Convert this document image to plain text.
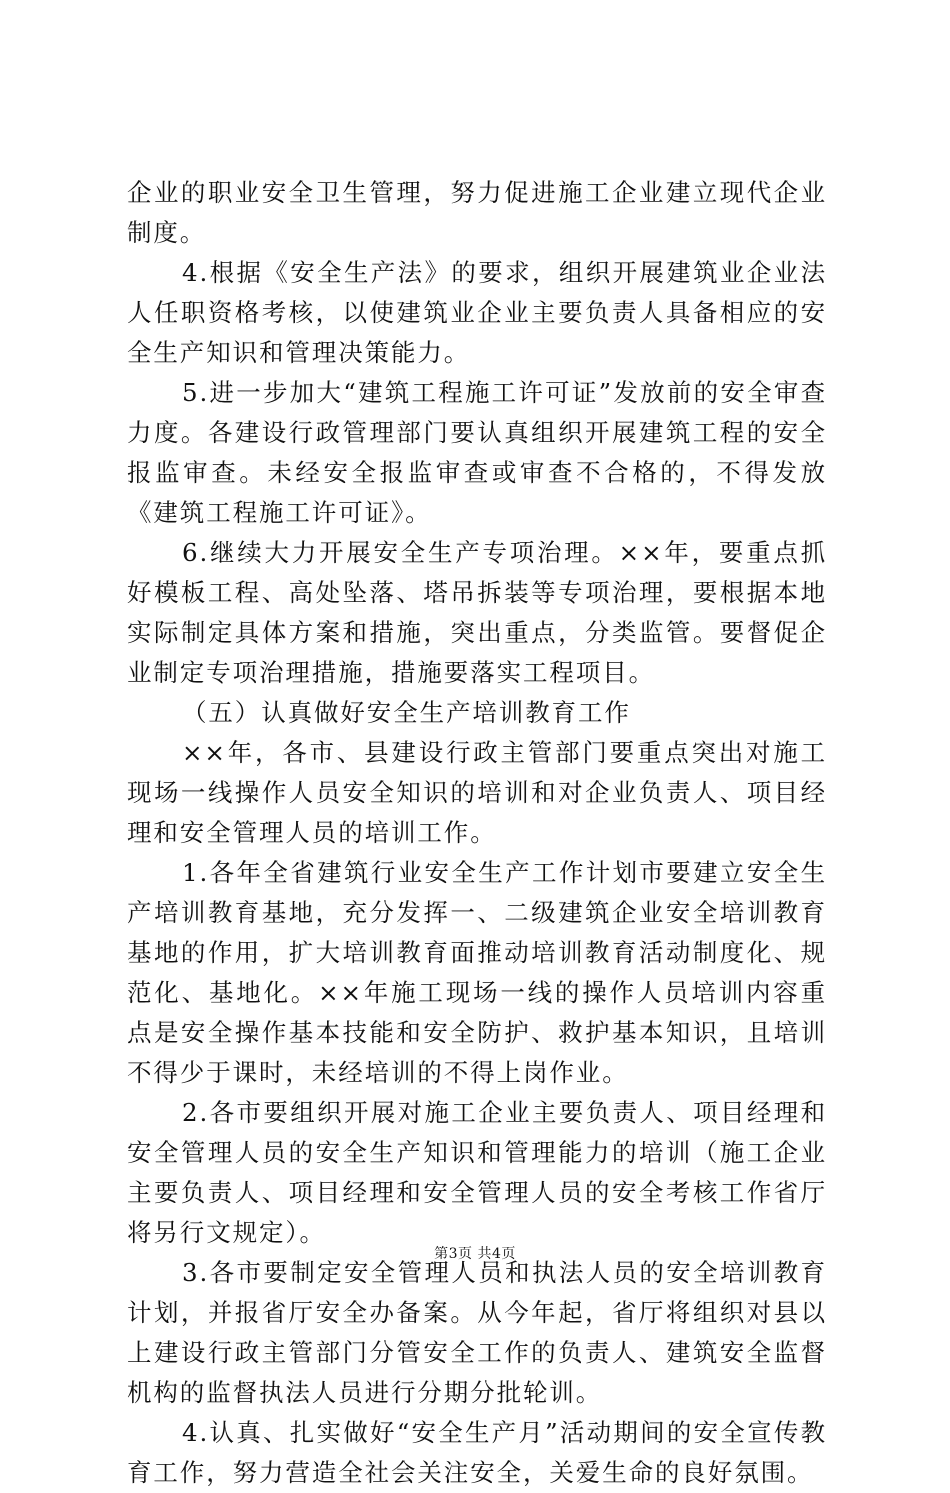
企业的职业安全卫生管理，努力促进施工企业建立现代企业制度。

4.根据《安全生产法》的要求，组织开展建筑业企业法人任职资格考核，以使建筑业企业主要负责人具备相应的安全生产知识和管理决策能力。

5.进一步加大“建筑工程施工许可证”发放前的安全审查力度。各建设行政管理部门要认真组织开展建筑工程的安全报监审查。未经安全报监审查或审查不合格的，不得发放《建筑工程施工许可证》。

6.继续大力开展安全生产专项治理。××年，要重点抓好模板工程、高处坠落、塔吊拆装等专项治理，要根据本地实际制定具体方案和措施，突出重点，分类监管。要督促企业制定专项治理措施，措施要落实工程项目。

（五）认真做好安全生产培训教育工作

××年，各市、县建设行政主管部门要重点突出对施工现场一线操作人员安全知识的培训和对企业负责人、项目经理和安全管理人员的培训工作。

1.各年全省建筑行业安全生产工作计划市要建立安全生产培训教育基地，充分发挥一、二级建筑企业安全培训教育基地的作用，扩大培训教育面推动培训教育活动制度化、规范化、基地化。××年施工现场一线的操作人员培训内容重点是安全操作基本技能和安全防护、救护基本知识，且培训不得少于课时，未经培训的不得上岗作业。

2.各市要组织开展对施工企业主要负责人、项目经理和安全管理人员的安全生产知识和管理能力的培训（施工企业主要负责人、项目经理和安全管理人员的安全考核工作省厅将另行文规定）。

3.各市要制定安全管理人员和执法人员的安全培训教育计划，并报省厅安全办备案。从今年起，省厅将组织对县以上建设行政主管部门分管安全工作的负责人、建筑安全监督机构的监督执法人员进行分期分批轮训。

4.认真、扎实做好“安全生产月”活动期间的安全宣传教育工作，努力营造全社会关注安全，关爱生命的良好氛围。

第3页 共4页
